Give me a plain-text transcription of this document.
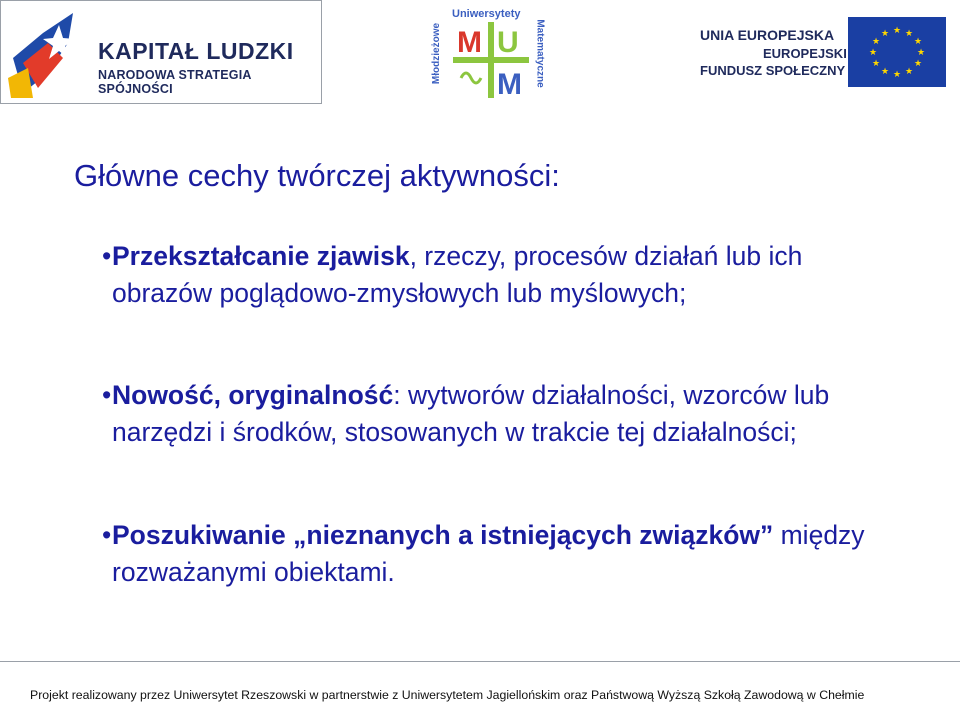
KAPITAŁ LUDZKI
NARODOWA STRATEGIA SPÓJNOŚCI
Uniwersytety
Młodzieżowe	Matematyczne
M U
M
UNIA EUROPEJSKA
EUROPEJSKI
FUNDUSZ SPOŁECZNY
★ ★
★
★
★
★
★
★
★
★
★
★
Główne cechy twórczej aktywności:
• Przekształcanie zjawisk, rzeczy, procesów działań lub ich obrazów poglądowo-zmysłowych lub myślowych;
• Nowość, oryginalność: wytworów działalności, wzorców lub narzędzi i środków, stosowanych w trakcie tej działalności;
• Poszukiwanie „nieznanych a istniejących związków” między rozważanymi obiektami.
Projekt realizowany przez Uniwersytet Rzeszowski w partnerstwie z Uniwersytetem Jagiellońskim oraz Państwową Wyższą Szkołą Zawodową w Chełmie
